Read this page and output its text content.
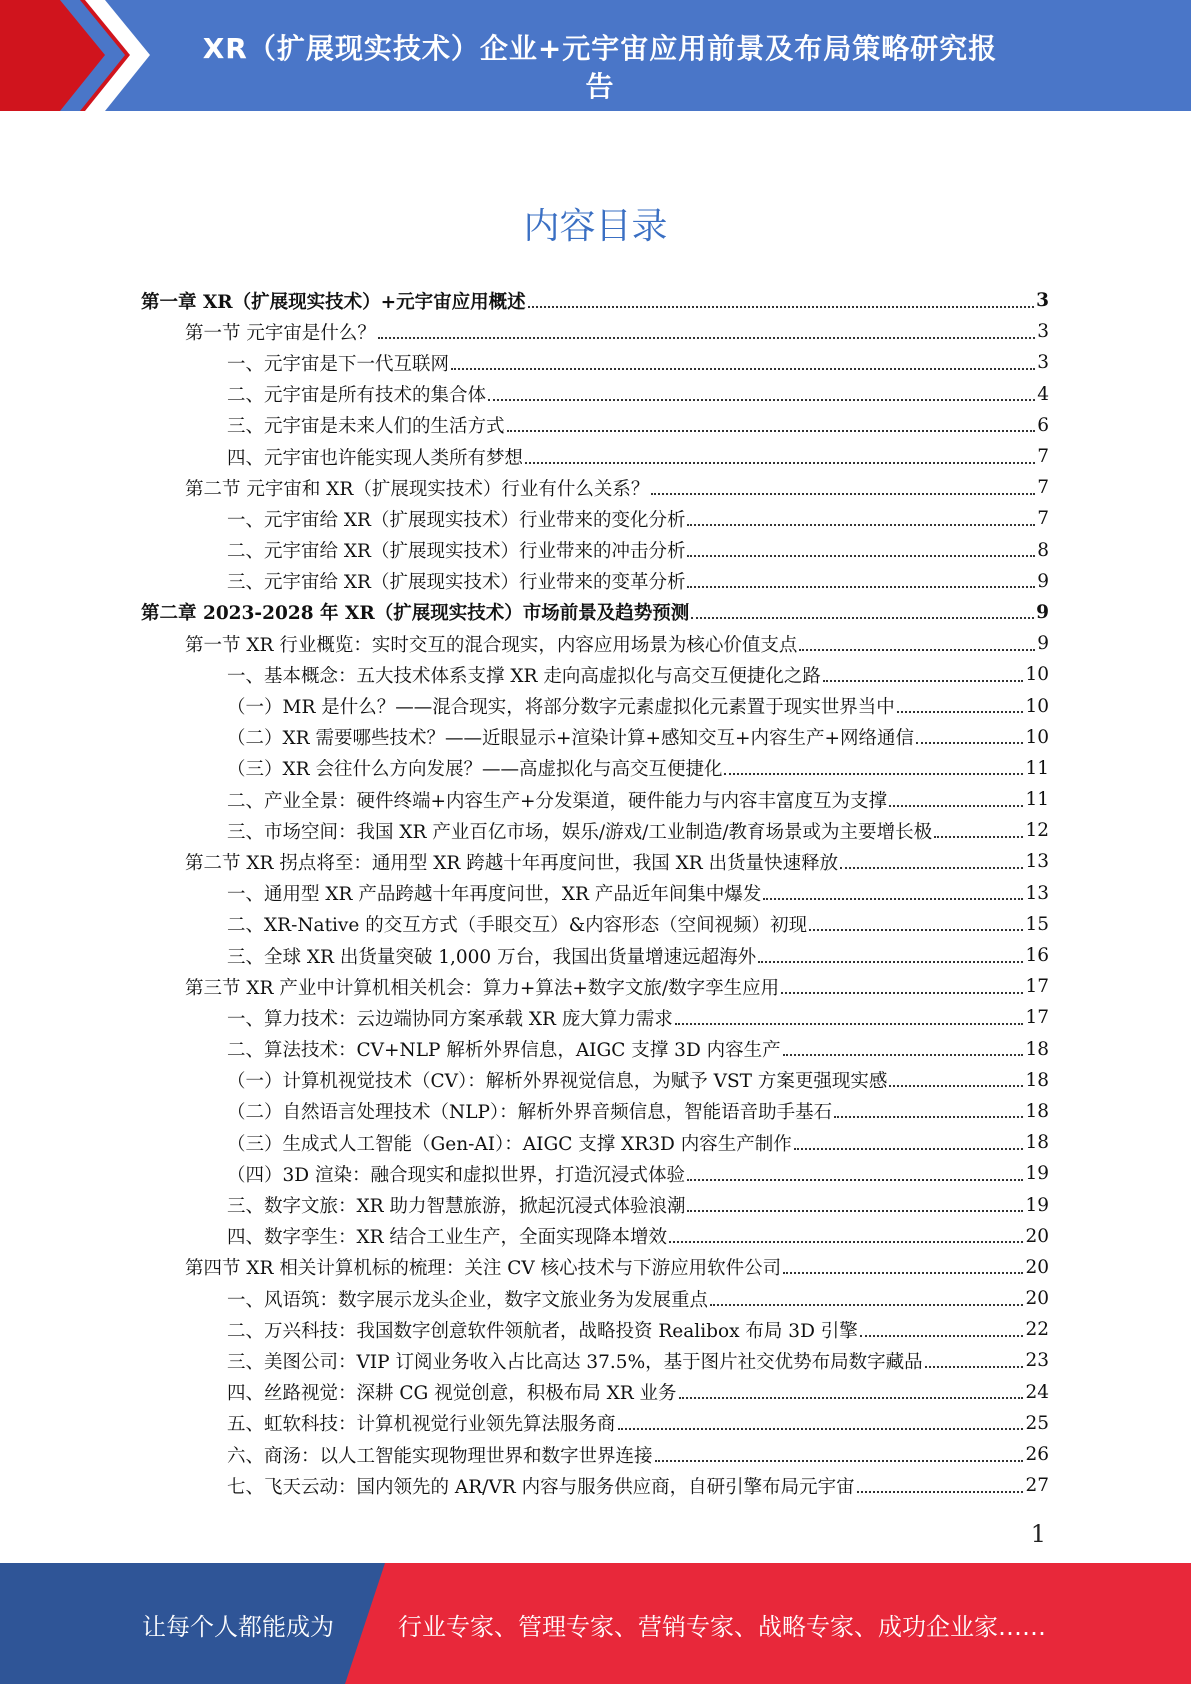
XR（扩展现实技术）企业+元宇宙应用前景及布局策略研究报
告
内容目录
第一章 XR（扩展现实技术）+元宇宙应用概述	3
第一节 元宇宙是什么？	3
一、元宇宙是下一代互联网	3
二、元宇宙是所有技术的集合体	4
三、元宇宙是未来人们的生活方式	6
四、元宇宙也许能实现人类所有梦想	7
第二节 元宇宙和 XR（扩展现实技术）行业有什么关系？	7
一、元宇宙给 XR（扩展现实技术）行业带来的变化分析	7
二、元宇宙给 XR（扩展现实技术）行业带来的冲击分析	8
三、元宇宙给 XR（扩展现实技术）行业带来的变革分析	9
第二章 2023-2028 年 XR（扩展现实技术）市场前景及趋势预测	9
第一节 XR 行业概览：实时交互的混合现实，内容应用场景为核心价值支点	9
一、基本概念：五大技术体系支撑 XR 走向高虚拟化与高交互便捷化之路	10
（一）MR 是什么？——混合现实，将部分数字元素虚拟化元素置于现实世界当中	10
（二）XR 需要哪些技术？——近眼显示+渲染计算+感知交互+内容生产+网络通信	10
（三）XR 会往什么方向发展？——高虚拟化与高交互便捷化	11
二、产业全景：硬件终端+内容生产+分发渠道，硬件能力与内容丰富度互为支撑	11
三、市场空间：我国 XR 产业百亿市场，娱乐/游戏/工业制造/教育场景或为主要增长极	12
第二节 XR 拐点将至：通用型 XR 跨越十年再度问世，我国 XR 出货量快速释放	13
一、通用型 XR 产品跨越十年再度问世，XR 产品近年间集中爆发	13
二、XR-Native 的交互方式（手眼交互）&内容形态（空间视频）初现	15
三、全球 XR 出货量突破 1,000 万台，我国出货量增速远超海外	16
第三节 XR 产业中计算机相关机会：算力+算法+数字文旅/数字孪生应用	17
一、算力技术：云边端协同方案承载 XR 庞大算力需求	17
二、算法技术：CV+NLP 解析外界信息，AIGC 支撑 3D 内容生产	18
（一）计算机视觉技术（CV）：解析外界视觉信息，为赋予 VST 方案更强现实感	18
（二）自然语言处理技术（NLP）：解析外界音频信息，智能语音助手基石	18
（三）生成式人工智能（Gen-AI）：AIGC 支撑 XR3D 内容生产制作	18
（四）3D 渲染：融合现实和虚拟世界，打造沉浸式体验	19
三、数字文旅：XR 助力智慧旅游，掀起沉浸式体验浪潮	19
四、数字孪生：XR 结合工业生产，全面实现降本增效	20
第四节 XR 相关计算机标的梳理：关注 CV 核心技术与下游应用软件公司	20
一、风语筑：数字展示龙头企业，数字文旅业务为发展重点	20
二、万兴科技：我国数字创意软件领航者，战略投资 Realibox 布局 3D 引擎	22
三、美图公司：VIP 订阅业务收入占比高达 37.5%，基于图片社交优势布局数字藏品	23
四、丝路视觉：深耕 CG 视觉创意，积极布局 XR 业务	24
五、虹软科技：计算机视觉行业领先算法服务商	25
六、商汤：以人工智能实现物理世界和数字世界连接	26
七、飞天云动：国内领先的 AR/VR 内容与服务供应商，自研引擎布局元宇宙	27
1
让每个人都能成为	行业专家、管理专家、营销专家、战略专家、成功企业家……
